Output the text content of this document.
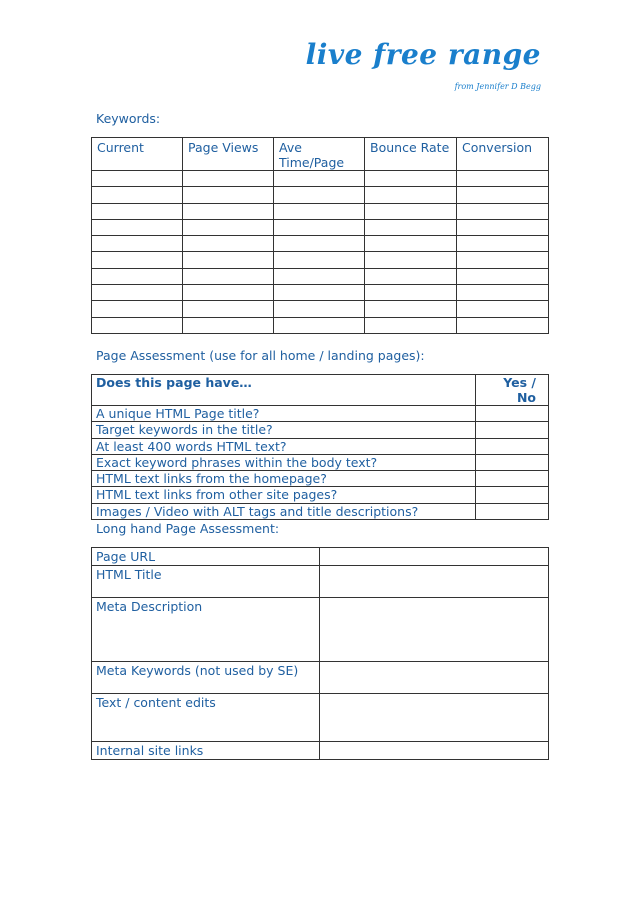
live free range
from Jennifer D Begg
Keywords:
Current	Page Views	Ave Time/Page	Bounce Rate	Conversion

Page Assessment (use for all home / landing pages):
Does this page have…	Yes / No
A unique HTML Page title?	
Target keywords in the title?	
At least 400 words HTML text?	
Exact keyword phrases within the body text?	
HTML text links from the homepage?	
HTML text links from other site pages?	
Images / Video with ALT tags and title descriptions?	
Long hand Page Assessment:
Page URL	
HTML Title	
Meta Description	
Meta Keywords (not used by SE)	
Text / content edits	
Internal site links	
